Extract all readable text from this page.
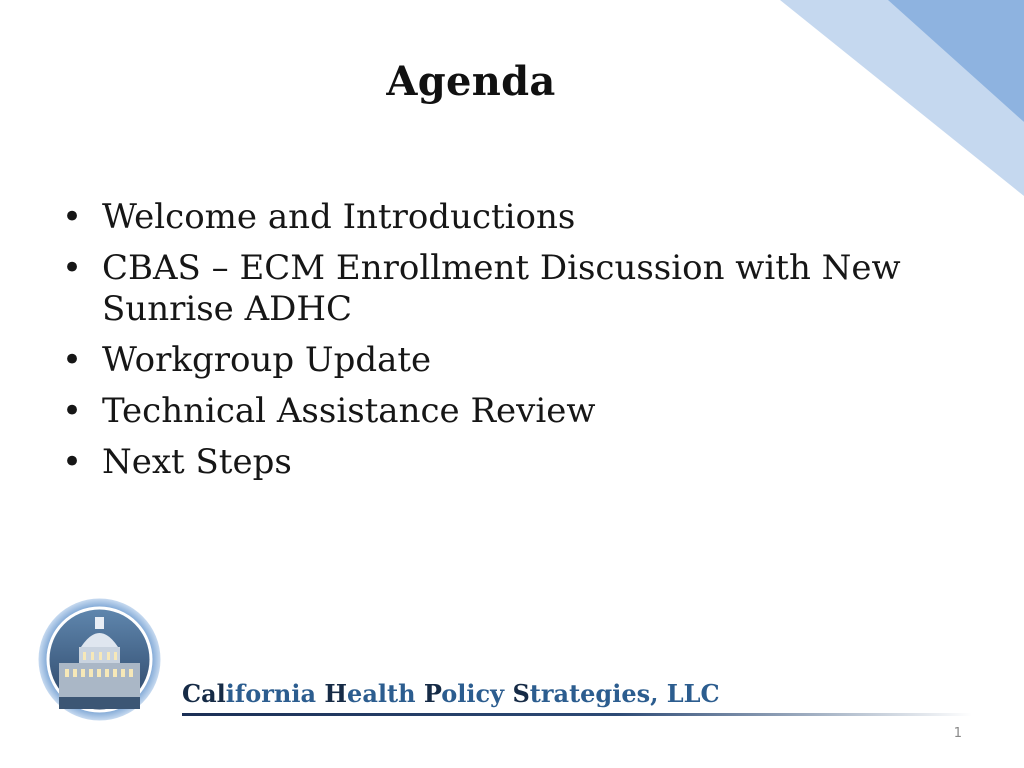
Agenda
• Welcome and Introductions
• CBAS – ECM Enrollment Discussion with New Sunrise ADHC
• Workgroup Update
• Technical Assistance Review
• Next Steps
California Health Policy Strategies, LLC
1
